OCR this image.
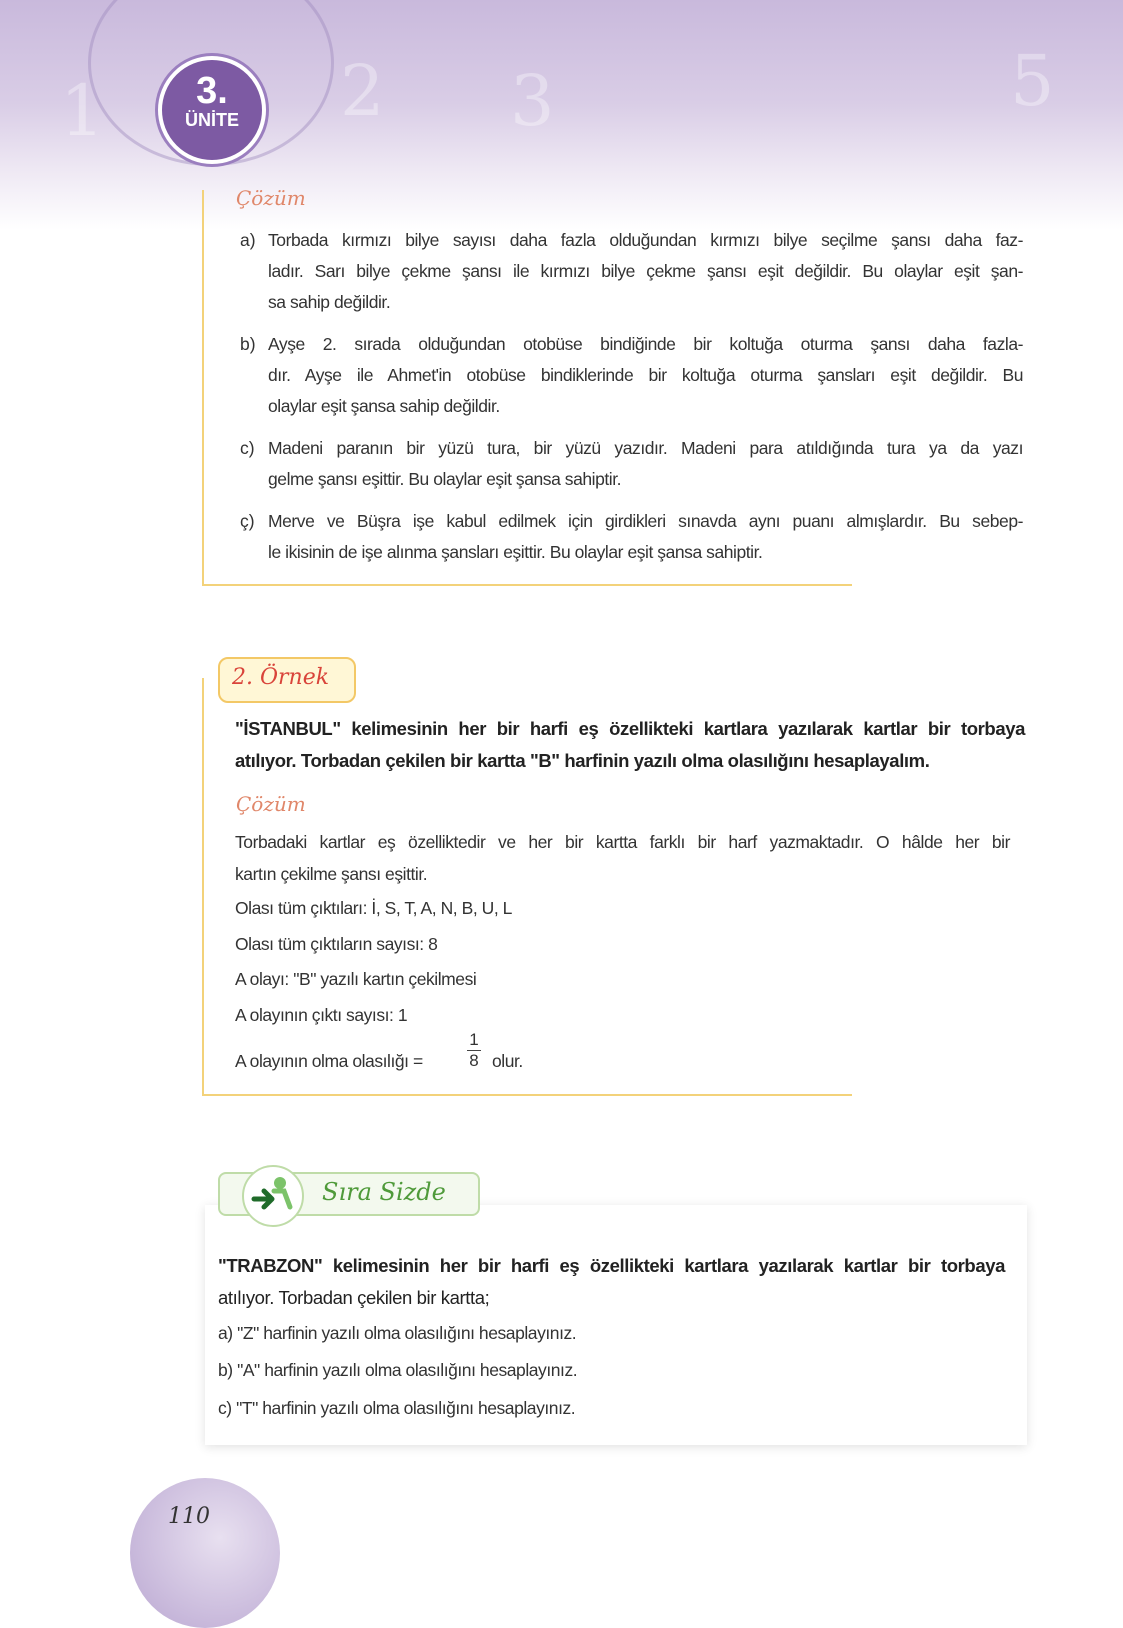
1	2 3	5
3.
ÜNİTE
Çözüm
a) Torbada kırmızı bilye sayısı daha fazla olduğundan kırmızı bilye seçilme şansı daha faz-
ladır. Sarı bilye çekme şansı ile kırmızı bilye çekme şansı eşit değildir. Bu olaylar eşit şan-
sa sahip değildir.
b) Ayşe 2. sırada olduğundan otobüse bindiğinde bir koltuğa oturma şansı daha fazla-
dır. Ayşe ile Ahmet'in otobüse bindiklerinde bir koltuğa oturma şansları eşit değildir. Bu
olaylar eşit şansa sahip değildir.
c) Madeni paranın bir yüzü tura, bir yüzü yazıdır. Madeni para atıldığında tura ya da yazı
gelme şansı eşittir. Bu olaylar eşit şansa sahiptir.
ç) Merve ve Büşra işe kabul edilmek için girdikleri sınavda aynı puanı almışlardır. Bu sebep-
le ikisinin de işe alınma şansları eşittir. Bu olaylar eşit şansa sahiptir.
2. Örnek
"İSTANBUL" kelimesinin her bir harfi eş özellikteki kartlara yazılarak kartlar bir torbaya
atılıyor. Torbadan çekilen bir kartta "B" harfinin yazılı olma olasılığını hesaplayalım.
Çözüm
Torbadaki kartlar eş özelliktedir ve her bir kartta farklı bir harf yazmaktadır. O hâlde her bir
kartın çekilme şansı eşittir.
Olası tüm çıktıları: İ, S, T, A, N, B, U, L
Olası tüm çıktıların sayısı: 8
A olayı: "B" yazılı kartın çekilmesi
A olayının çıktı sayısı: 1
A olayının olma olasılığı =	$\frac{1}{8}$ olur.
Sıra Sizde
"TRABZON" kelimesinin her bir harfi eş özellikteki kartlara yazılarak kartlar bir torbaya
atılıyor. Torbadan çekilen bir kartta;
a) "Z" harfinin yazılı olma olasılığını hesaplayınız.
b) "A" harfinin yazılı olma olasılığını hesaplayınız.
c) "T" harfinin yazılı olma olasılığını hesaplayınız.
110
